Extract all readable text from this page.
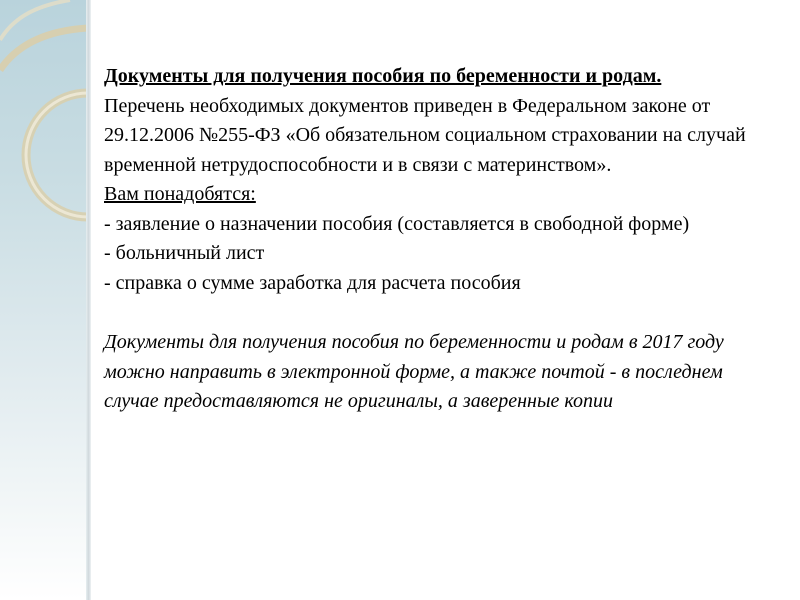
Документы для получения пособия по беременности и родам.

Перечень необходимых документов приведен в Федеральном законе от 29.12.2006 №255-ФЗ «Об обязательном социальном страховании на случай временной нетрудоспособности и в связи с материнством».

Вам понадобятся:

- заявление о назначении пособия (составляется в свободной форме)

- больничный лист

- справка о сумме заработка для расчета пособия

Документы для получения пособия по беременности и родам в 2017 году можно направить в электронной форме, а также почтой - в последнем случае предоставляются не оригиналы, а заверенные копии
